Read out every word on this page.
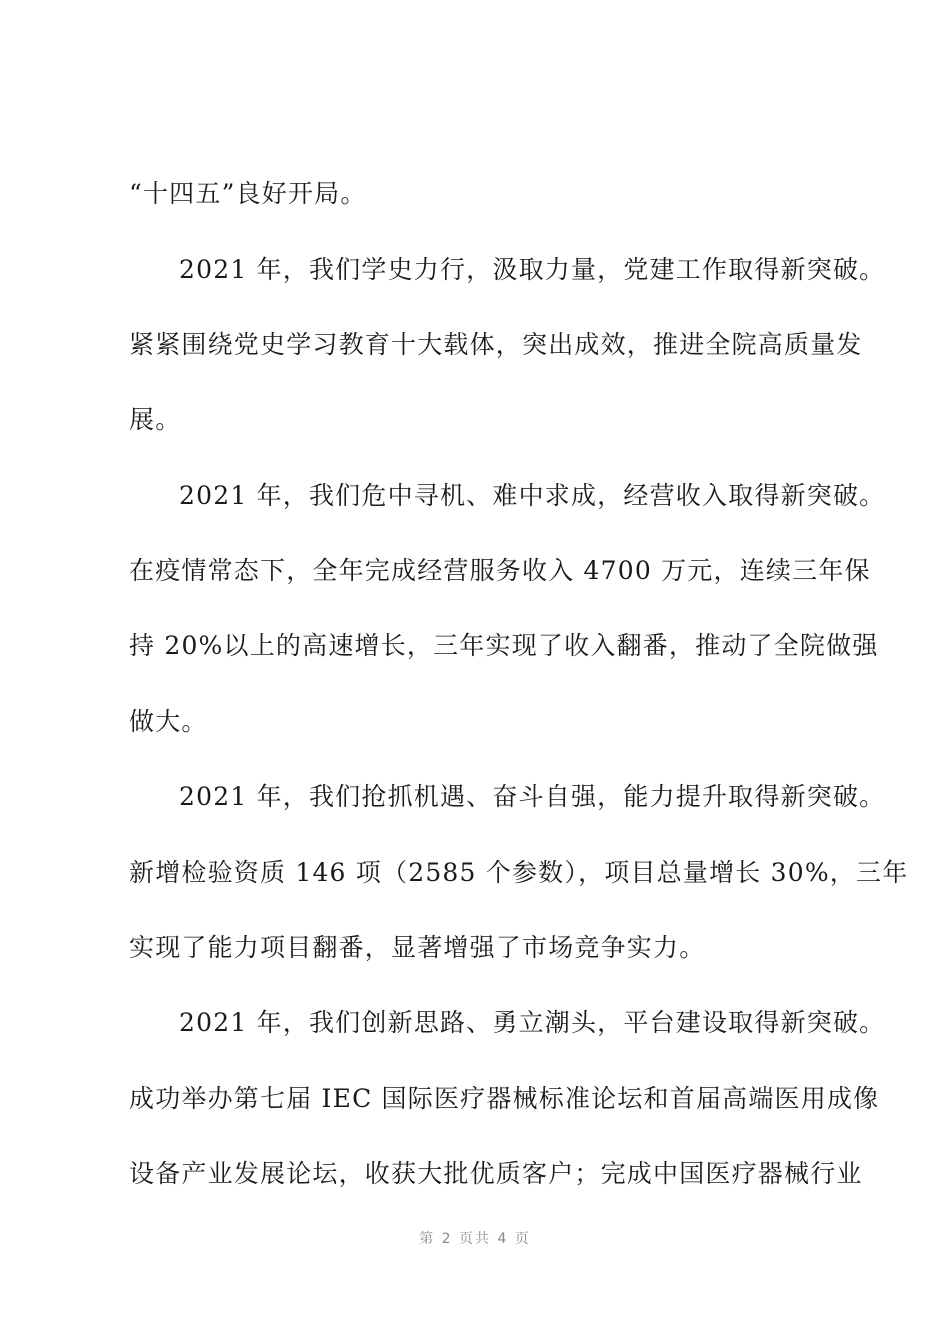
“十四五”良好开局。
2021 年，我们学史力行，汲取力量，党建工作取得新突破。
紧紧围绕党史学习教育十大载体，突出成效，推进全院高质量发
展。
2021 年，我们危中寻机、难中求成，经营收入取得新突破。
在疫情常态下，全年完成经营服务收入 4700 万元，连续三年保
持 20%以上的高速增长，三年实现了收入翻番，推动了全院做强
做大。
2021 年，我们抢抓机遇、奋斗自强，能力提升取得新突破。
新增检验资质 146 项（2585 个参数），项目总量增长 30%，三年
实现了能力项目翻番，显著增强了市场竞争实力。
2021 年，我们创新思路、勇立潮头，平台建设取得新突破。
成功举办第七届 IEC 国际医疗器械标准论坛和首届高端医用成像
设备产业发展论坛，收获大批优质客户；完成中国医疗器械行业
第 2 页共 4 页
